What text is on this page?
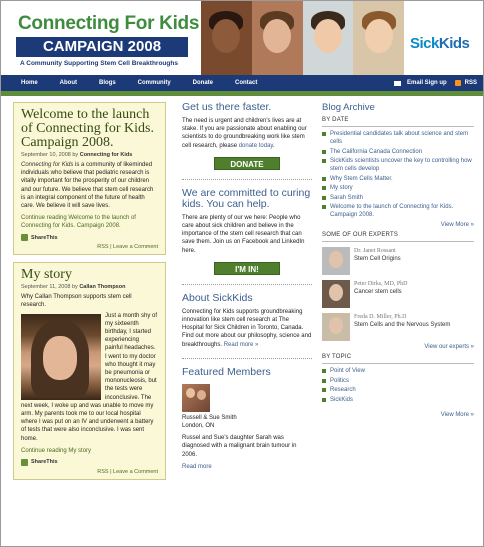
Connecting For Kids
CAMPAIGN 2008
A Community Supporting Stem Cell Breakthroughs
SickKids
Home	About	Blogs	Community	Donate	Contact	Email Sign up	RSS
Welcome to the launch of Connecting for Kids. Campaign 2008.
September 10, 2008 by Connecting for Kids
Connecting for Kids is a community of likeminded individuals who believe that pediatric research is vitally important for the prosperity of our children and our future. We believe that stem cell research is an integral component of the future of health care. We believe it will save lives.
Continue reading Welcome to the launch of Connecting for Kids. Campaign 2008.
ShareThis
RSS | Leave a Comment
My story
September 11, 2008 by Callan Thompson
Why Callan Thompson supports stem cell research.
Just a month shy of my sixteenth birthday, I started experiencing painful headaches. I went to my doctor who thought it may be pneumonia or mononucleosis, but the tests were inconclusive. The next week, I woke up and was unable to move my arm. My parents took me to our local hospital where I was put on an IV and underwent a battery of tests that were also inconclusive. I was sent home.
Continue reading My story
ShareThis
RSS | Leave a Comment
Get us there faster.
The need is urgent and children's lives are at stake. If you are passionate about enabling our scientists to do groundbreaking work like stem cell research, please donate today.
DONATE
We are committed to curing kids. You can help.
There are plenty of our we here: People who care about sick children and believe in the importance of the stem cell research that can save them. Join us on Facebook and LinkedIn here.
I'M IN!
About SickKids
Connecting for Kids supports groundbreaking innovation like stem cell research at The Hospital for Sick Children in Toronto, Canada. Find out more about our philosophy, science and breakthroughs. Read more »
Featured Members
Russell & Sue Smith
London, ON
Russel and Sue's daughter Sarah was diagnosed with a malignant brain tumour in 2006.
Read more
Blog Archive
BY DATE
Presidential candidates talk about science and stem cells
The California Canada Connection
SickKids scientists uncover the key to controlling how stem cells develop
Why Stem Cells Matter.
My story
Sarah Smith
Welcome to the launch of Connecting for Kids. Campaign 2008.
View More »
SOME OF OUR EXPERTS
Dr. Janet Rossant
Stem Cell Origins
Peter Dirks, MD, PhD
Cancer stem cells
Freda D. Miller, Ph.D
Stem Cells and the Nervous System
View our experts »
BY TOPIC
Point of View
Politics
Research
SickKids
View More »
